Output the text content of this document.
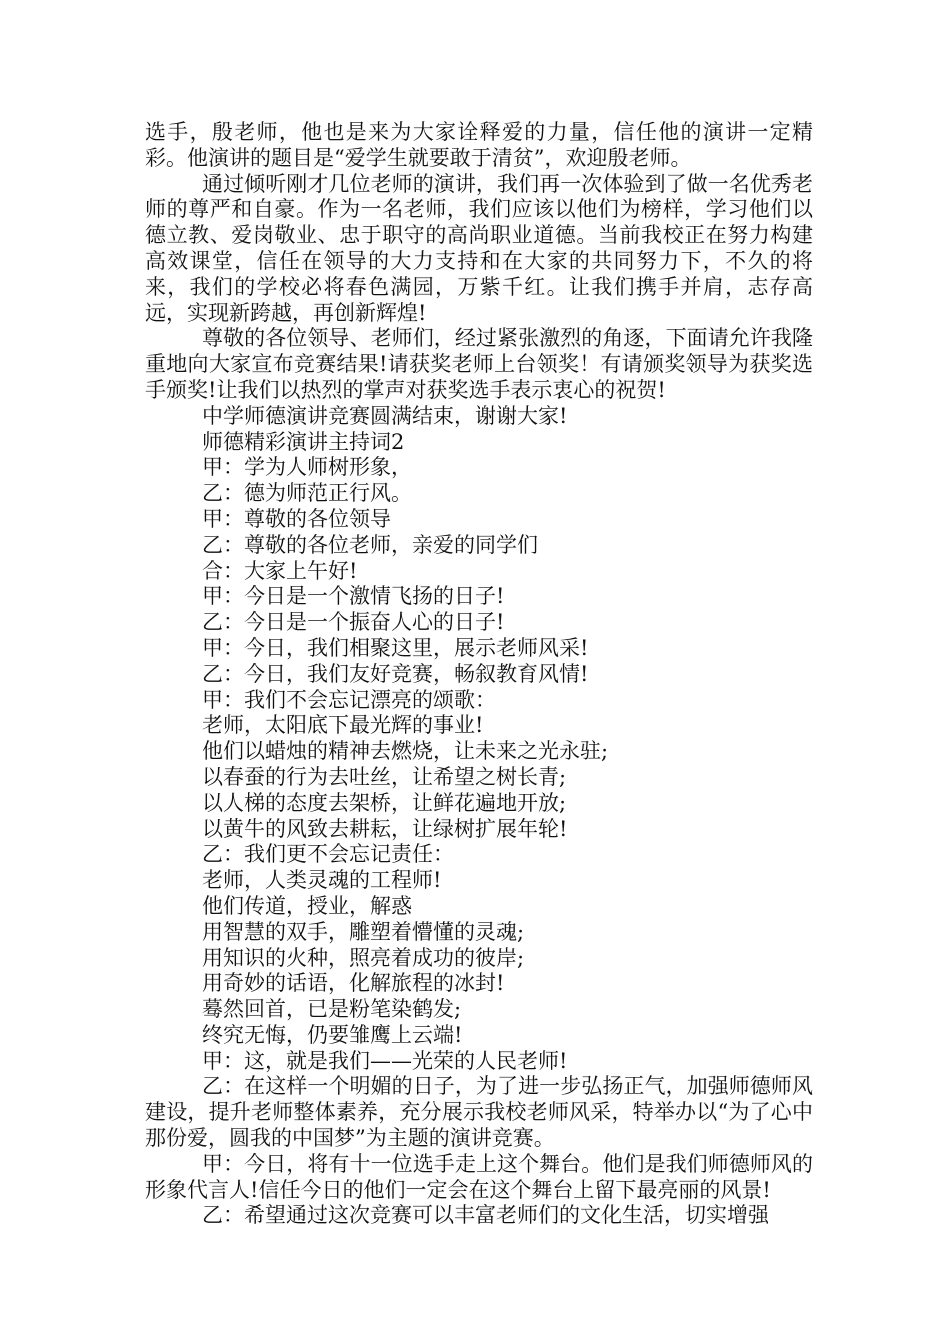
选手，殷老师，他也是来为大家诠释爱的力量，信任他的演讲一定精彩。他演讲的题目是“爱学生就要敢于清贫”，欢迎殷老师。

通过倾听刚才几位老师的演讲，我们再一次体验到了做一名优秀老师的尊严和自豪。作为一名老师，我们应该以他们为榜样，学习他们以德立教、爱岗敬业、忠于职守的高尚职业道德。当前我校正在努力构建高效课堂，信任在领导的大力支持和在大家的共同努力下，不久的将来，我们的学校必将春色满园，万紫千红。让我们携手并肩，志存高远，实现新跨越，再创新辉煌!

尊敬的各位领导、老师们，经过紧张激烈的角逐，下面请允许我隆重地向大家宣布竞赛结果!请获奖老师上台领奖！有请颁奖领导为获奖选手颁奖!让我们以热烈的掌声对获奖选手表示衷心的祝贺!

中学师德演讲竞赛圆满结束，谢谢大家!

师德精彩演讲主持词2

甲：学为人师树形象，

乙：德为师范正行风。

甲：尊敬的各位领导

乙：尊敬的各位老师，亲爱的同学们

合：大家上午好!

甲：今日是一个激情飞扬的日子!

乙：今日是一个振奋人心的日子!

甲：今日，我们相聚这里，展示老师风采!

乙：今日，我们友好竞赛，畅叙教育风情!

甲：我们不会忘记漂亮的颂歌：

老师，太阳底下最光辉的事业!

他们以蜡烛的精神去燃烧，让未来之光永驻;

以春蚕的行为去吐丝，让希望之树长青;

以人梯的态度去架桥，让鲜花遍地开放;

以黄牛的风致去耕耘，让绿树扩展年轮!

乙：我们更不会忘记责任：

老师，人类灵魂的工程师!

他们传道，授业，解惑

用智慧的双手，雕塑着懵懂的灵魂;

用知识的火种，照亮着成功的彼岸;

用奇妙的话语，化解旅程的冰封!

蓦然回首，已是粉笔染鹤发;

终究无悔，仍要雏鹰上云端!

甲：这，就是我们——光荣的人民老师!

乙：在这样一个明媚的日子，为了进一步弘扬正气，加强师德师风建设，提升老师整体素养，充分展示我校老师风采，特举办以“为了心中那份爱，圆我的中国梦”为主题的演讲竞赛。

甲：今日，将有十一位选手走上这个舞台。他们是我们师德师风的形象代言人!信任今日的他们一定会在这个舞台上留下最亮丽的风景!

乙：希望通过这次竞赛可以丰富老师们的文化生活，切实增强
